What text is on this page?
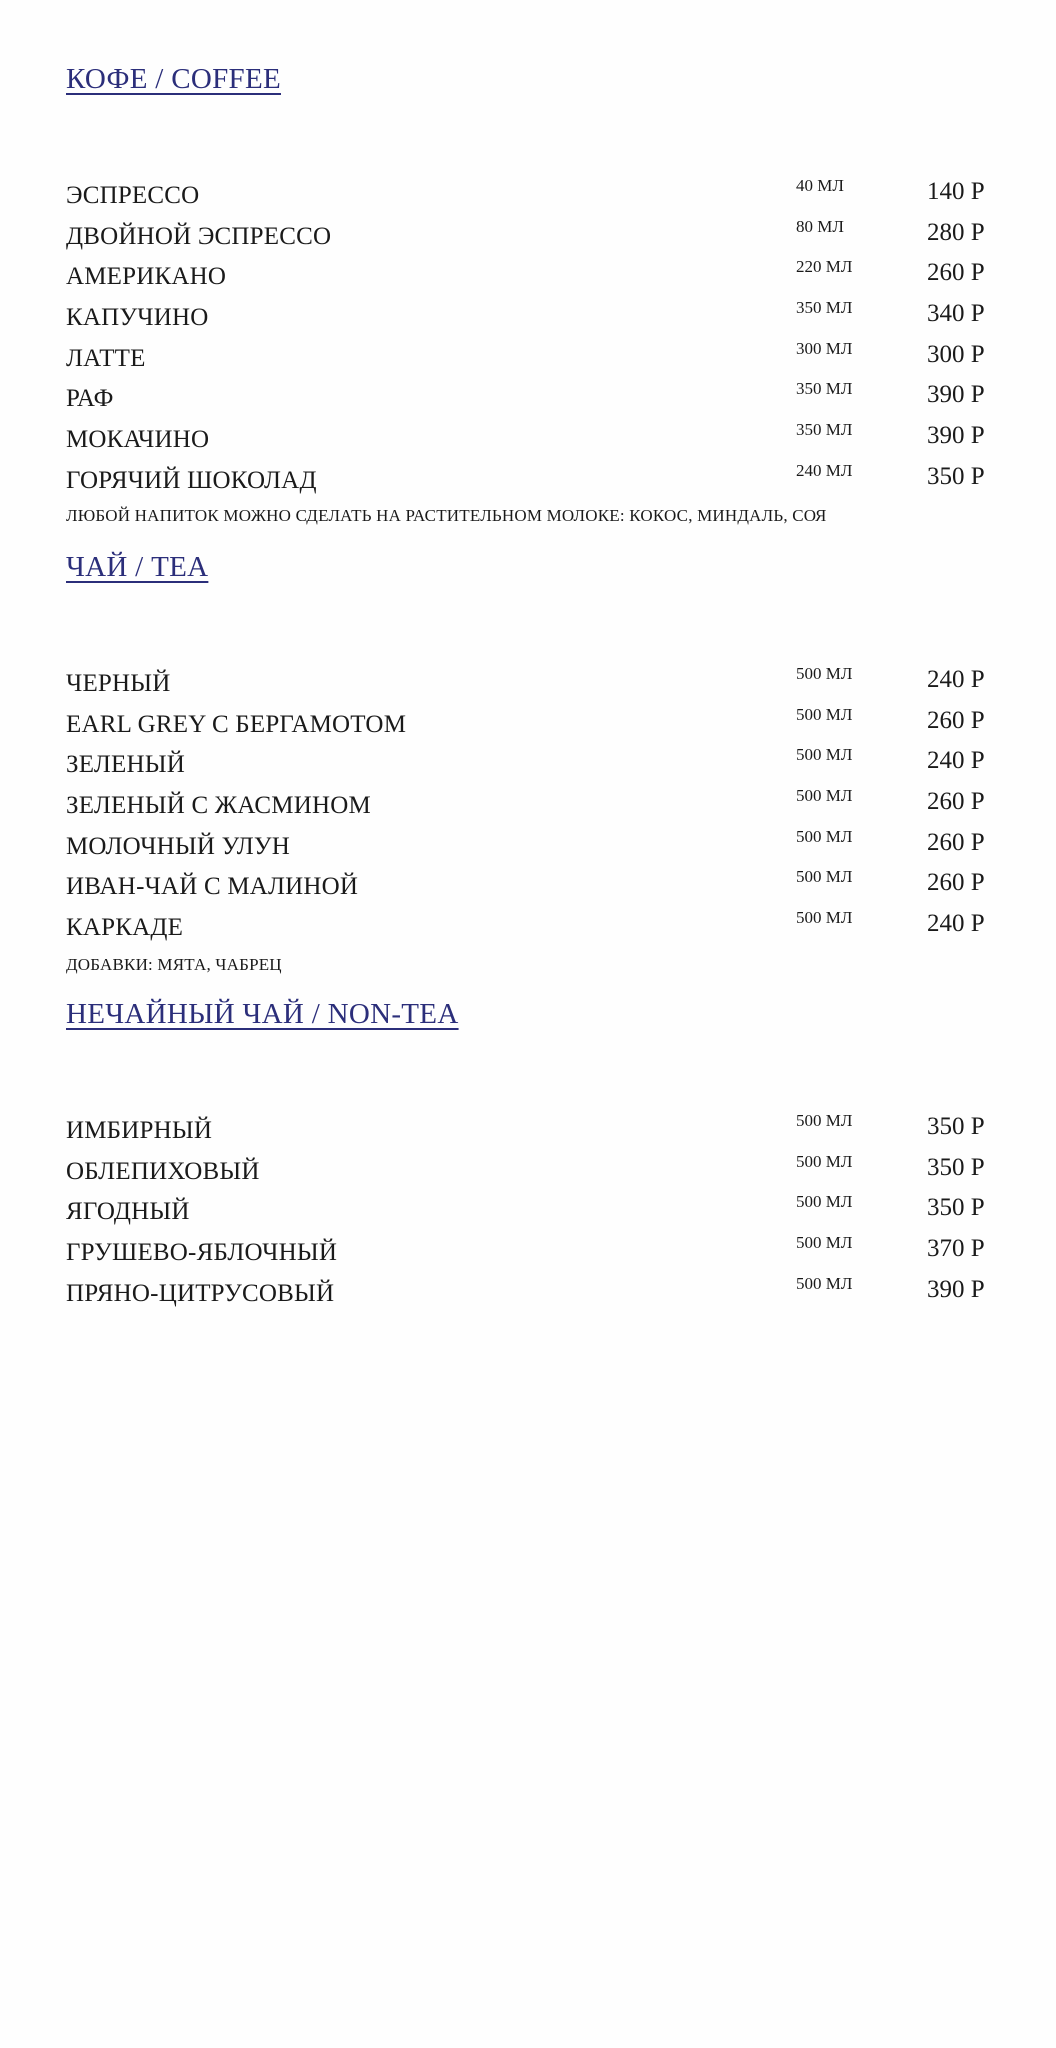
КОФЕ / COFFEE
ЭСПРЕССО	40 МЛ	140 Р
ДВОЙНОЙ ЭСПРЕССО	80 МЛ	280 Р
АМЕРИКАНО	220 МЛ	260 Р
КАПУЧИНО	350 МЛ	340 Р
ЛАТТЕ	300 МЛ	300 Р
РАФ	350 МЛ	390 Р
МОКАЧИНО	350 МЛ	390 Р
ГОРЯЧИЙ ШОКОЛАД	240 МЛ	350 Р

ЛЮБОЙ НАПИТОК МОЖНО СДЕЛАТЬ НА РАСТИТЕЛЬНОМ МОЛОКЕ: КОКОС, МИНДАЛЬ, СОЯ

ЧАЙ / TEA
ЧЕРНЫЙ	500 МЛ	240 Р
EARL GREY С БЕРГАМОТОМ	500 МЛ	260 Р
ЗЕЛЕНЫЙ	500 МЛ	240 Р
ЗЕЛЕНЫЙ С ЖАСМИНОМ	500 МЛ	260 Р
МОЛОЧНЫЙ УЛУН	500 МЛ	260 Р
ИВАН-ЧАЙ С МАЛИНОЙ	500 МЛ	260 Р
КАРКАДЕ	500 МЛ	240 Р

ДОБАВКИ: МЯТА, ЧАБРЕЦ

НЕЧАЙНЫЙ ЧАЙ / NON-TEA
ИМБИРНЫЙ	500 МЛ	350 Р
ОБЛЕПИХОВЫЙ	500 МЛ	350 Р
ЯГОДНЫЙ	500 МЛ	350 Р
ГРУШЕВО-ЯБЛОЧНЫЙ	500 МЛ	370 Р
ПРЯНО-ЦИТРУСОВЫЙ	500 МЛ	390 Р
